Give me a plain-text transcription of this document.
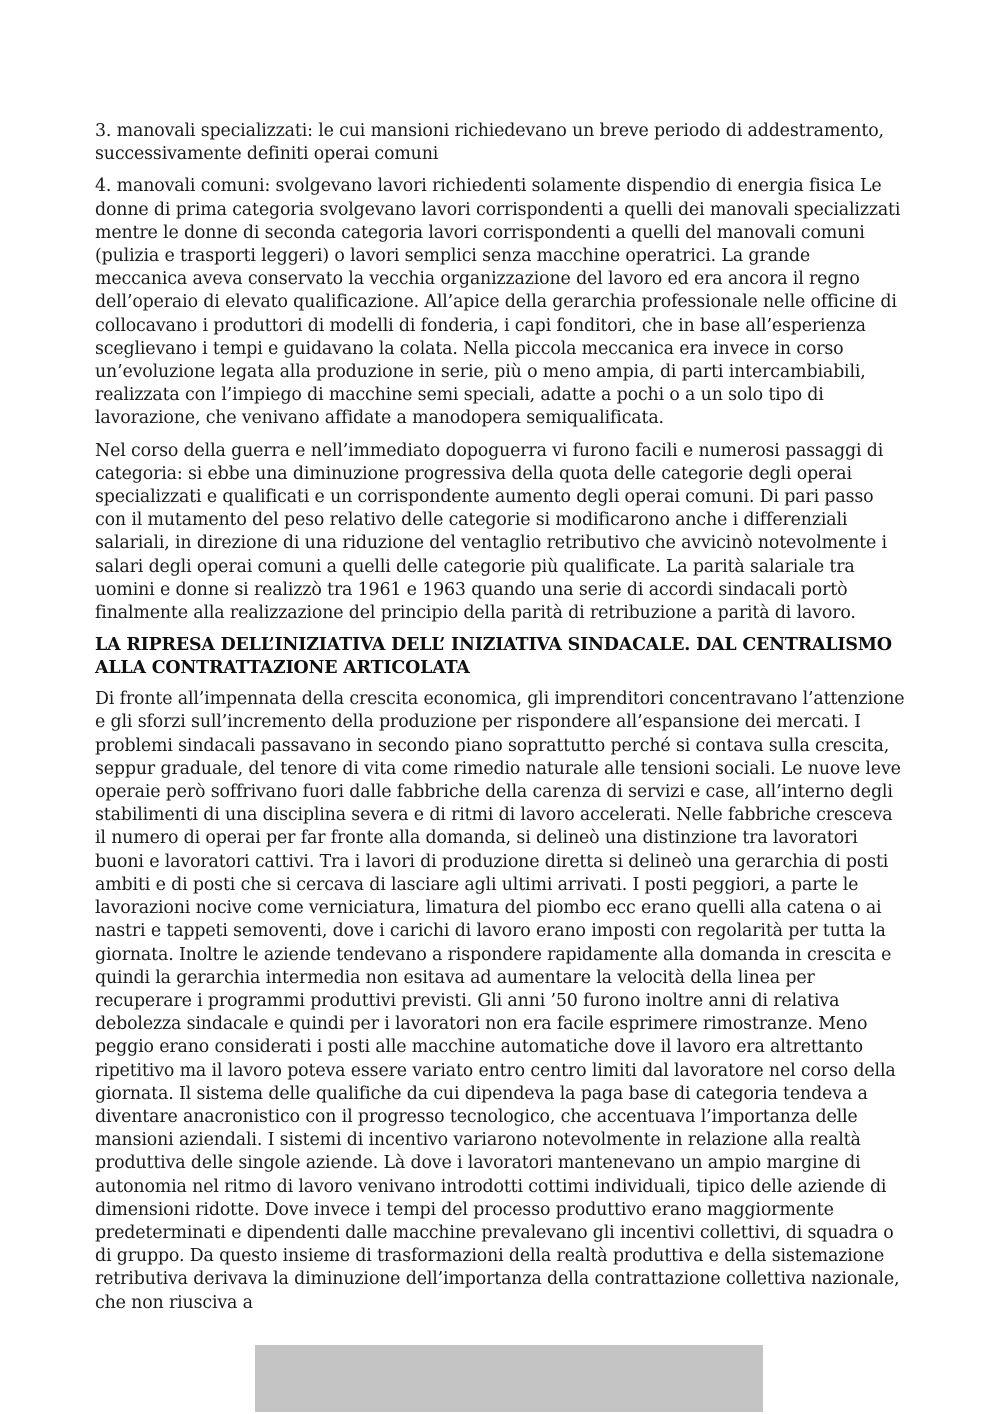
3. manovali specializzati: le cui mansioni richiedevano un breve periodo di addestramento, successivamente definiti operai comuni

4. manovali comuni: svolgevano lavori richiedenti solamente dispendio di energia fisica Le donne di prima categoria svolgevano lavori corrispondenti a quelli dei manovali specializzati mentre le donne di seconda categoria lavori corrispondenti a quelli del manovali comuni (pulizia e trasporti leggeri) o lavori semplici senza macchine operatrici. La grande meccanica aveva conservato la vecchia organizzazione del lavoro ed era ancora il regno dell’operaio di elevato qualificazione. All’apice della gerarchia professionale nelle officine di collocavano i produttori di modelli di fonderia, i capi fonditori, che in base all’esperienza sceglievano i tempi e guidavano la colata. Nella piccola meccanica era invece in corso un’evoluzione legata alla produzione in serie, più o meno ampia, di parti intercambiabili, realizzata con l’impiego di macchine semi speciali, adatte a pochi o a un solo tipo di lavorazione, che venivano affidate a manodopera semiqualificata.

Nel corso della guerra e nell’immediato dopoguerra vi furono facili e numerosi passaggi di categoria: si ebbe una diminuzione progressiva della quota delle categorie degli operai specializzati e qualificati e un corrispondente aumento degli operai comuni. Di pari passo con il mutamento del peso relativo delle categorie si modificarono anche i differenziali salariali, in direzione di una riduzione del ventaglio retributivo che avvicinò notevolmente i salari degli operai comuni a quelli delle categorie più qualificate. La parità salariale tra uomini e donne si realizzò tra 1961 e 1963 quando una serie di accordi sindacali portò finalmente alla realizzazione del principio della parità di retribuzione a parità di lavoro.

LA RIPRESA DELL’INIZIATIVA DELL’ INIZIATIVA SINDACALE. DAL CENTRALISMO ALLA CONTRATTAZIONE ARTICOLATA

Di fronte all’impennata della crescita economica, gli imprenditori concentravano l’attenzione e gli sforzi sull’incremento della produzione per rispondere all’espansione dei mercati. I problemi sindacali passavano in secondo piano soprattutto perché si contava sulla crescita, seppur graduale, del tenore di vita come rimedio naturale alle tensioni sociali. Le nuove leve operaie però soffrivano fuori dalle fabbriche della carenza di servizi e case, all’interno degli stabilimenti di una disciplina severa e di ritmi di lavoro accelerati. Nelle fabbriche cresceva il numero di operai per far fronte alla domanda, si delineò una distinzione tra lavoratori buoni e lavoratori cattivi. Tra i lavori di produzione diretta si delineò una gerarchia di posti ambiti e di posti che si cercava di lasciare agli ultimi arrivati. I posti peggiori, a parte le lavorazioni nocive come verniciatura, limatura del piombo ecc erano quelli alla catena o ai nastri e tappeti semoventi, dove i carichi di lavoro erano imposti con regolarità per tutta la giornata. Inoltre le aziende tendevano a rispondere rapidamente alla domanda in crescita e quindi la gerarchia intermedia non esitava ad aumentare la velocità della linea per recuperare i programmi produttivi previsti. Gli anni ’50 furono inoltre anni di relativa debolezza sindacale e quindi per i lavoratori non era facile esprimere rimostranze. Meno peggio erano considerati i posti alle macchine automatiche dove il lavoro era altrettanto ripetitivo ma il lavoro poteva essere variato entro centro limiti dal lavoratore nel corso della giornata. Il sistema delle qualifiche da cui dipendeva la paga base di categoria tendeva a diventare anacronistico con il progresso tecnologico, che accentuava l’importanza delle mansioni aziendali. I sistemi di incentivo variarono notevolmente in relazione alla realtà produttiva delle singole aziende. Là dove i lavoratori mantenevano un ampio margine di autonomia nel ritmo di lavoro venivano introdotti cottimi individuali, tipico delle aziende di dimensioni ridotte. Dove invece i tempi del processo produttivo erano maggiormente predeterminati e dipendenti dalle macchine prevalevano gli incentivi collettivi, di squadra o di gruppo. Da questo insieme di trasformazioni della realtà produttiva e della sistemazione retributiva derivava la diminuzione dell’importanza della contrattazione collettiva nazionale, che non riusciva a
